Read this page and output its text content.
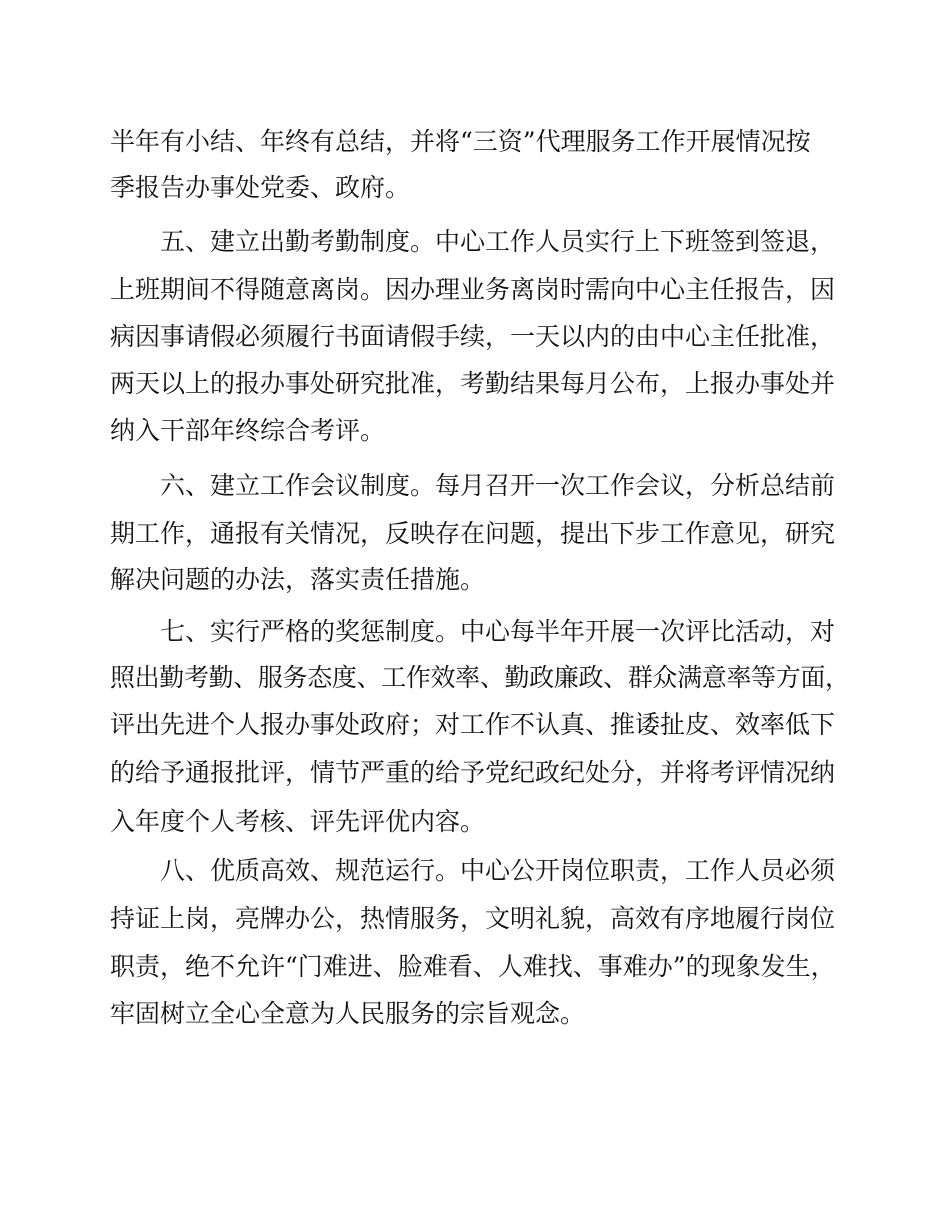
半年有小结、年终有总结，并将“三资”代理服务工作开展情况按
季报告办事处党委、政府。
五、建立出勤考勤制度。中心工作人员实行上下班签到签退，
上班期间不得随意离岗。因办理业务离岗时需向中心主任报告，因
病因事请假必须履行书面请假手续，一天以内的由中心主任批准，
两天以上的报办事处研究批准，考勤结果每月公布，上报办事处并
纳入干部年终综合考评。
六、建立工作会议制度。每月召开一次工作会议，分析总结前
期工作，通报有关情况，反映存在问题，提出下步工作意见，研究
解决问题的办法，落实责任措施。
七、实行严格的奖惩制度。中心每半年开展一次评比活动，对
照出勤考勤、服务态度、工作效率、勤政廉政、群众满意率等方面，
评出先进个人报办事处政府；对工作不认真、推诿扯皮、效率低下
的给予通报批评，情节严重的给予党纪政纪处分，并将考评情况纳
入年度个人考核、评先评优内容。
八、优质高效、规范运行。中心公开岗位职责，工作人员必须
持证上岗，亮牌办公，热情服务，文明礼貌，高效有序地履行岗位
职责，绝不允许“门难进、脸难看、人难找、事难办”的现象发生，
牢固树立全心全意为人民服务的宗旨观念。
